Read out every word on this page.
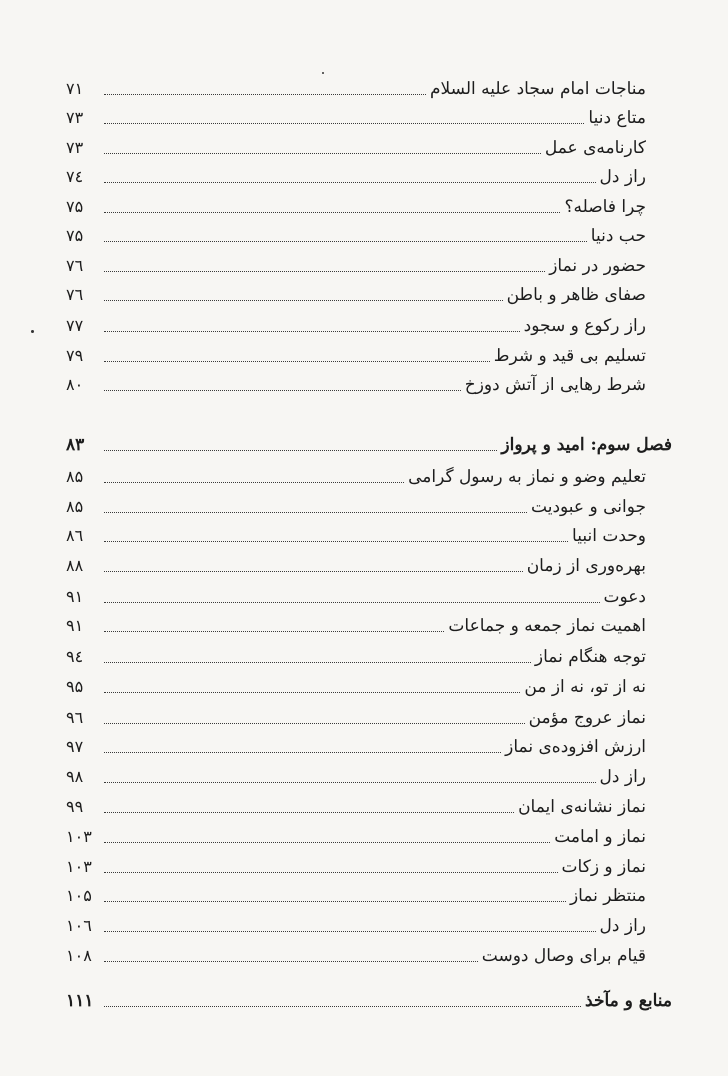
مناجات امام سجاد علیه السلام
۷۱
متاع دنیا
۷۳
کارنامه‌ی عمل
۷۳
راز دل
۷٤
چرا فاصله؟
۷۵
حب دنیا
۷۵
حضور در نماز
۷٦
صفای ظاهر و باطن
۷٦
راز رکوع و سجود
۷۷
تسلیم بی قید و شرط
۷۹
شرط رهایی از آتش دوزخ
۸۰
فصل سوم: امید و پرواز
۸۳
تعلیم وضو و نماز به رسول گرامی
۸۵
جوانی و عبودیت
۸۵
وحدت انبیا
۸٦
بهره‌وری از زمان
۸۸
دعوت
۹۱
اهمیت نماز جمعه و جماعات
۹۱
توجه هنگام نماز
۹٤
نه از تو، نه از من
۹۵
نماز عروج مؤمن
۹٦
ارزش افزوده‌ی نماز
۹۷
راز دل
۹۸
نماز نشانه‌ی ایمان
۹۹
نماز و امامت
۱۰۳
نماز و زکات
۱۰۳
منتظر نماز
۱۰۵
راز دل
۱۰٦
قیام برای وصال دوست
۱۰۸
منابع و مآخذ
۱۱۱
